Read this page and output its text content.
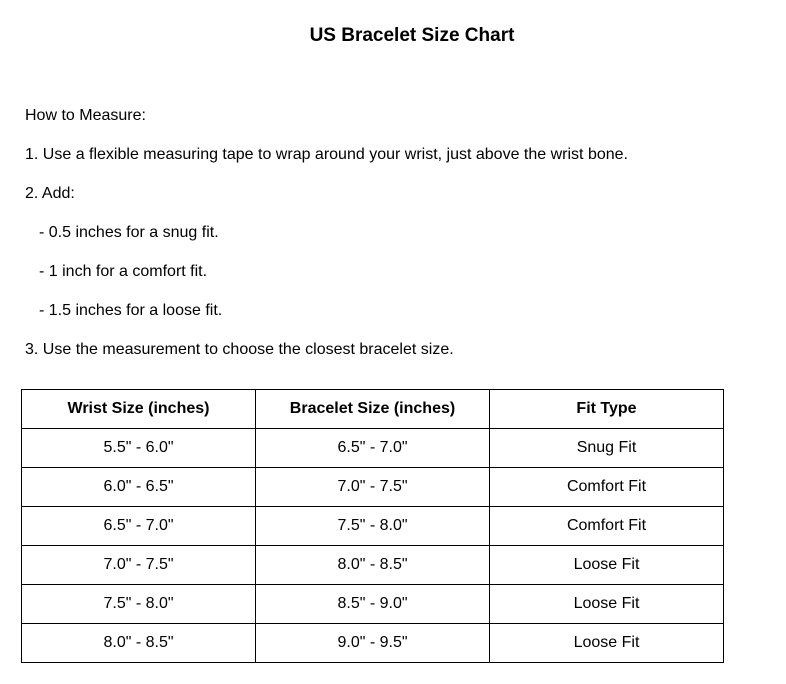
US Bracelet Size Chart

How to Measure:

1. Use a flexible measuring tape to wrap around your wrist, just above the wrist bone.

2. Add:

- 0.5 inches for a snug fit.

- 1 inch for a comfort fit.

- 1.5 inches for a loose fit.

3. Use the measurement to choose the closest bracelet size.

Wrist Size (inches)	Bracelet Size (inches)	Fit Type
5.5" - 6.0"	6.5" - 7.0"	Snug Fit
6.0" - 6.5"	7.0" - 7.5"	Comfort Fit
6.5" - 7.0"	7.5" - 8.0"	Comfort Fit
7.0" - 7.5"	8.0" - 8.5"	Loose Fit
7.5" - 8.0"	8.5" - 9.0"	Loose Fit
8.0" - 8.5"	9.0" - 9.5"	Loose Fit
